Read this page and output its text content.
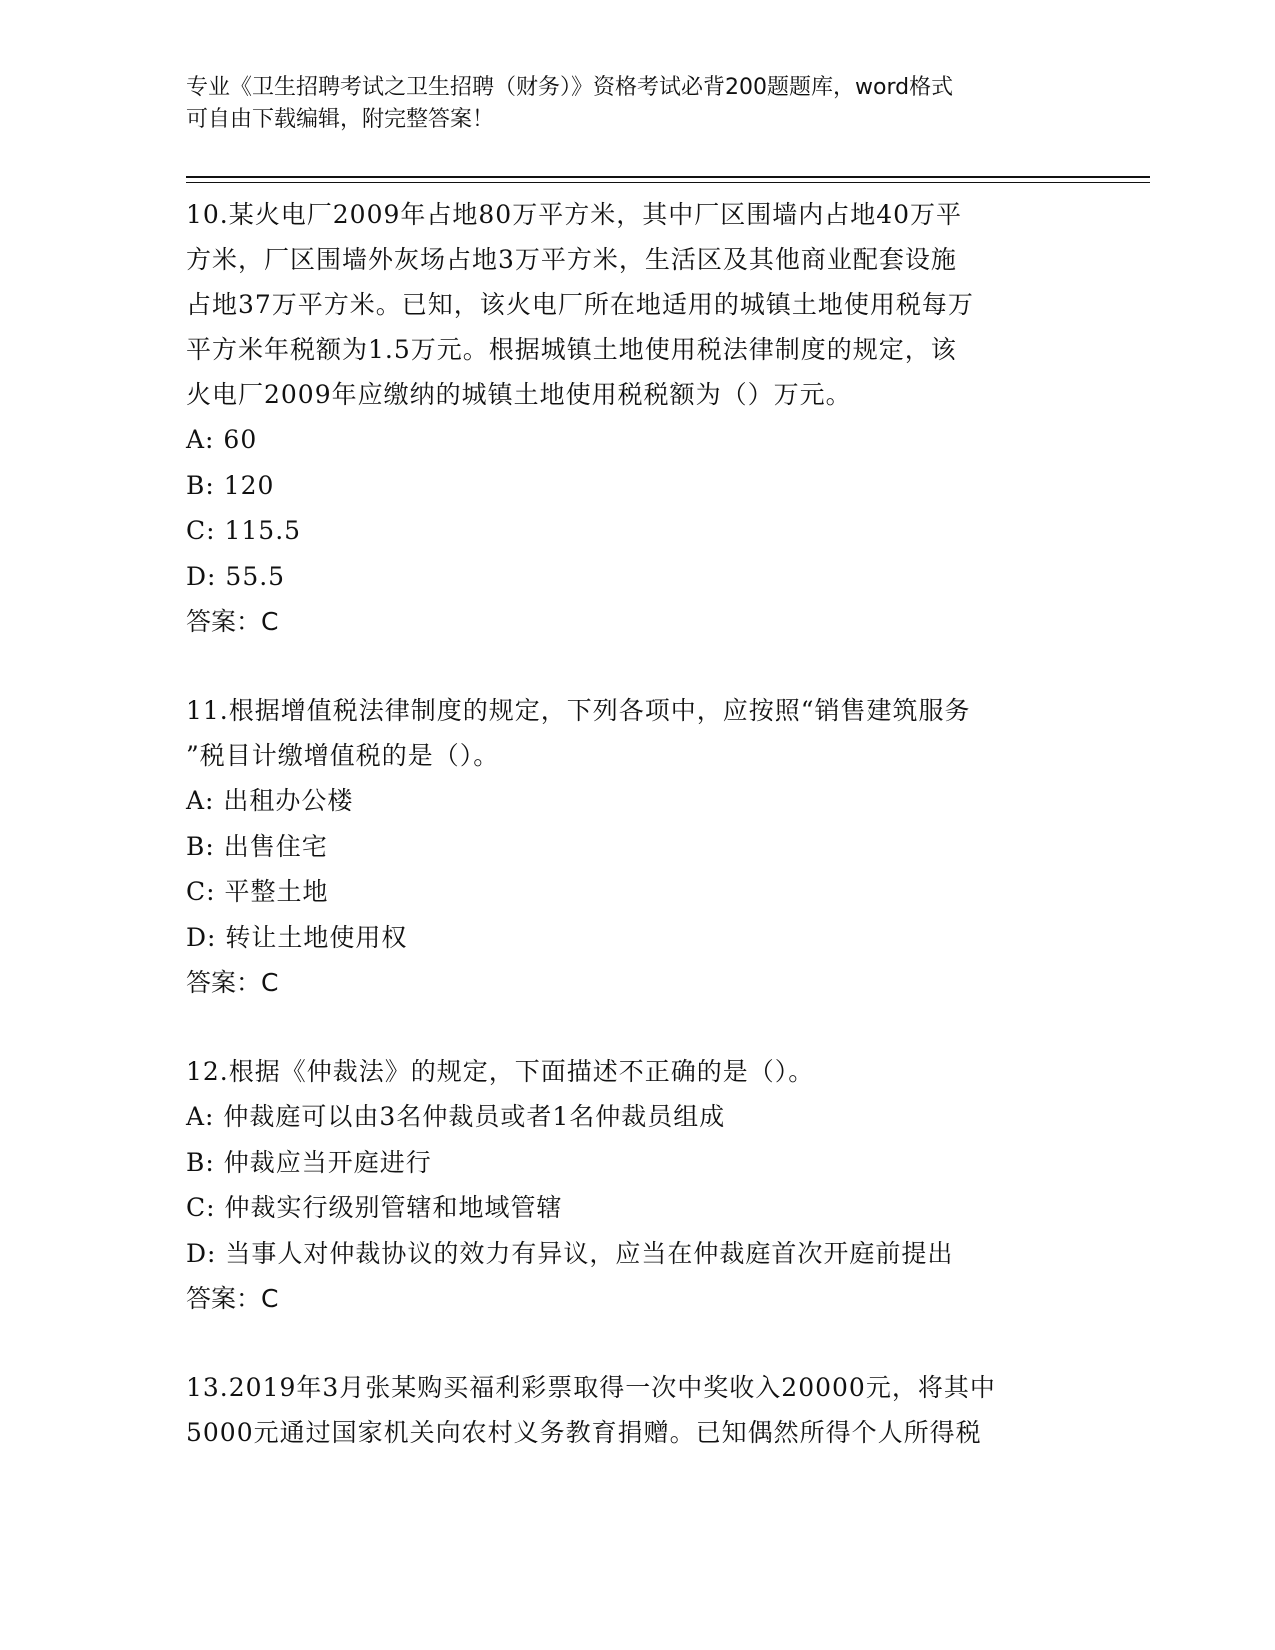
专业《卫生招聘考试之卫生招聘（财务）》资格考试必背200题题库，word格式
可自由下载编辑，附完整答案！
10.某火电厂2009年占地80万平方米，其中厂区围墙内占地40万平
方米，厂区围墙外灰场占地3万平方米，生活区及其他商业配套设施
占地37万平方米。已知，该火电厂所在地适用的城镇土地使用税每万
平方米年税额为1.5万元。根据城镇土地使用税法律制度的规定，该
火电厂2009年应缴纳的城镇土地使用税税额为（）万元。
A: 60
B: 120
C: 115.5
D: 55.5
答案：C
11.根据增值税法律制度的规定，下列各项中，应按照“销售建筑服务
”税目计缴增值税的是（）。
A: 出租办公楼
B: 出售住宅
C: 平整土地
D: 转让土地使用权
答案：C
12.根据《仲裁法》的规定，下面描述不正确的是（）。
A: 仲裁庭可以由3名仲裁员或者1名仲裁员组成
B: 仲裁应当开庭进行
C: 仲裁实行级别管辖和地域管辖
D: 当事人对仲裁协议的效力有异议，应当在仲裁庭首次开庭前提出
答案：C
13.2019年3月张某购买福利彩票取得一次中奖收入20000元，将其中
5000元通过国家机关向农村义务教育捐赠。已知偶然所得个人所得税
